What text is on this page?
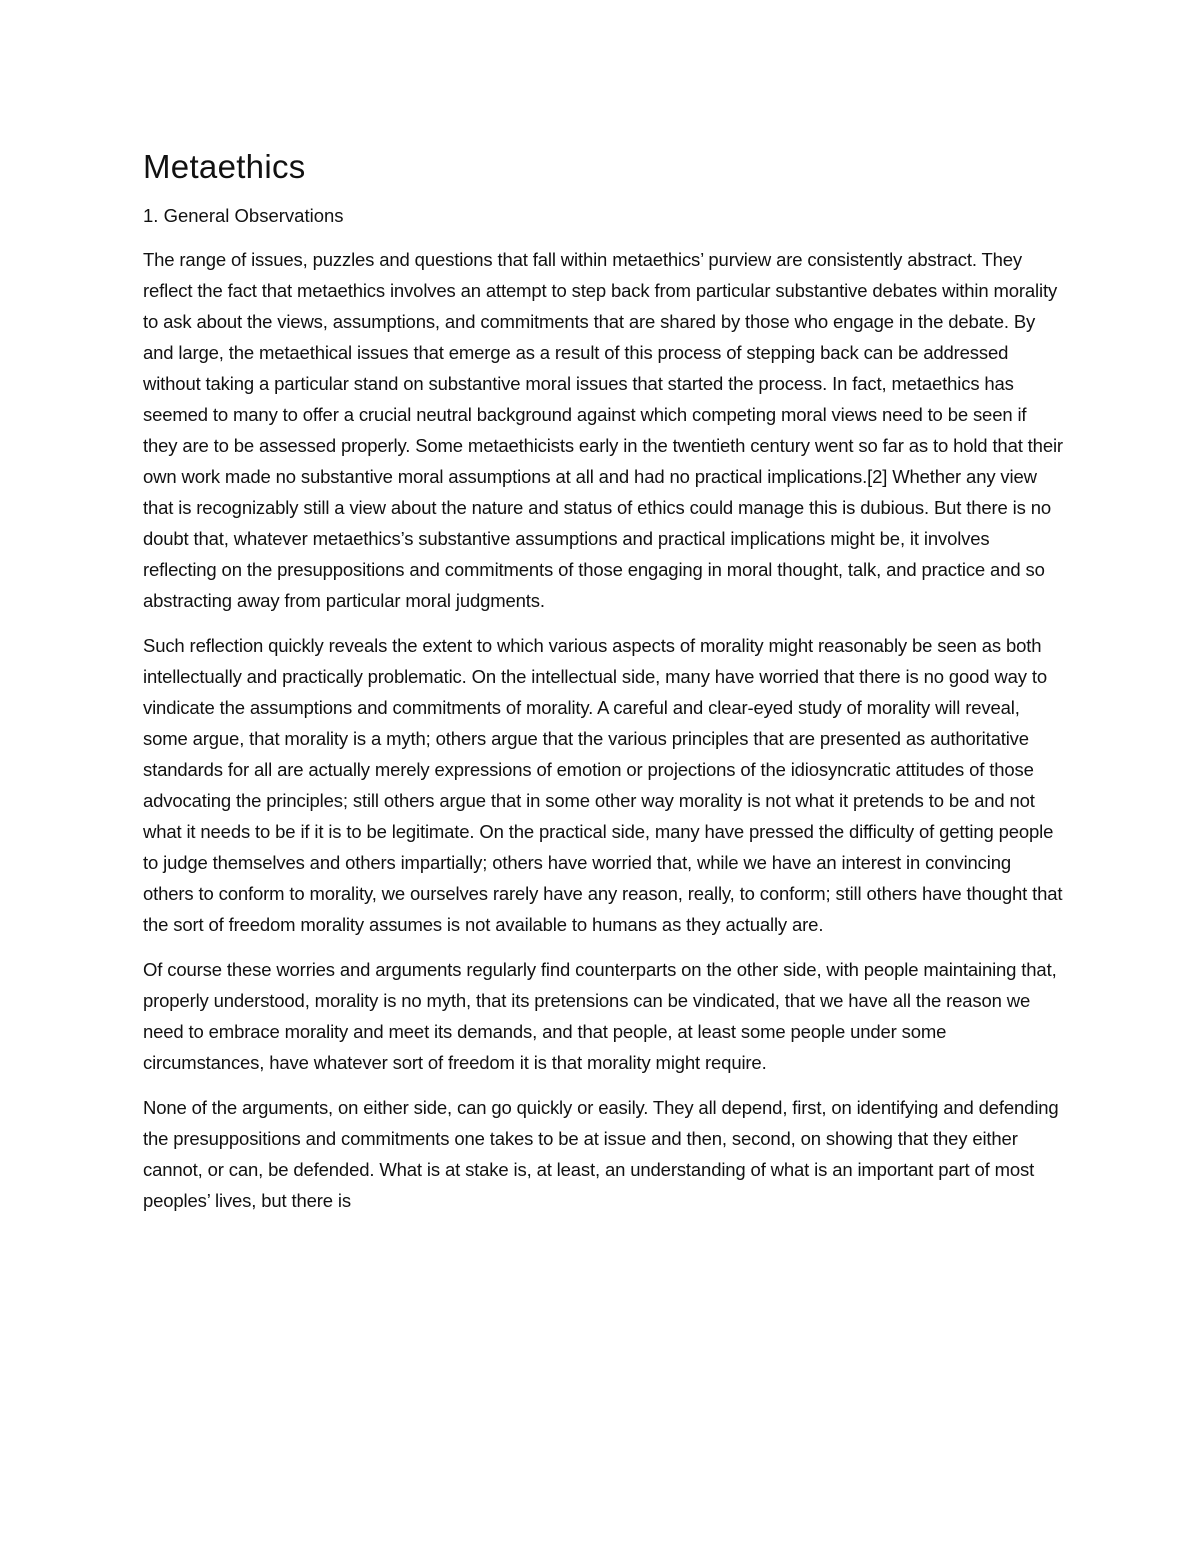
Metaethics
1. General Observations

The range of issues, puzzles and questions that fall within metaethics’ purview are consistently abstract. They reflect the fact that metaethics involves an attempt to step back from particular substantive debates within morality to ask about the views, assumptions, and commitments that are shared by those who engage in the debate. By and large, the metaethical issues that emerge as a result of this process of stepping back can be addressed without taking a particular stand on substantive moral issues that started the process. In fact, metaethics has seemed to many to offer a crucial neutral background against which competing moral views need to be seen if they are to be assessed properly. Some metaethicists early in the twentieth century went so far as to hold that their own work made no substantive moral assumptions at all and had no practical implications.[2] Whether any view that is recognizably still a view about the nature and status of ethics could manage this is dubious. But there is no doubt that, whatever metaethics’s substantive assumptions and practical implications might be, it involves reflecting on the presuppositions and commitments of those engaging in moral thought, talk, and practice and so abstracting away from particular moral judgments.

Such reflection quickly reveals the extent to which various aspects of morality might reasonably be seen as both intellectually and practically problematic. On the intellectual side, many have worried that there is no good way to vindicate the assumptions and commitments of morality. A careful and clear-eyed study of morality will reveal, some argue, that morality is a myth; others argue that the various principles that are presented as authoritative standards for all are actually merely expressions of emotion or projections of the idiosyncratic attitudes of those advocating the principles; still others argue that in some other way morality is not what it pretends to be and not what it needs to be if it is to be legitimate. On the practical side, many have pressed the difficulty of getting people to judge themselves and others impartially; others have worried that, while we have an interest in convincing others to conform to morality, we ourselves rarely have any reason, really, to conform; still others have thought that the sort of freedom morality assumes is not available to humans as they actually are.

Of course these worries and arguments regularly find counterparts on the other side, with people maintaining that, properly understood, morality is no myth, that its pretensions can be vindicated, that we have all the reason we need to embrace morality and meet its demands, and that people, at least some people under some circumstances, have whatever sort of freedom it is that morality might require.

None of the arguments, on either side, can go quickly or easily. They all depend, first, on identifying and defending the presuppositions and commitments one takes to be at issue and then, second, on showing that they either cannot, or can, be defended. What is at stake is, at least, an understanding of what is an important part of most peoples’ lives, but there is
